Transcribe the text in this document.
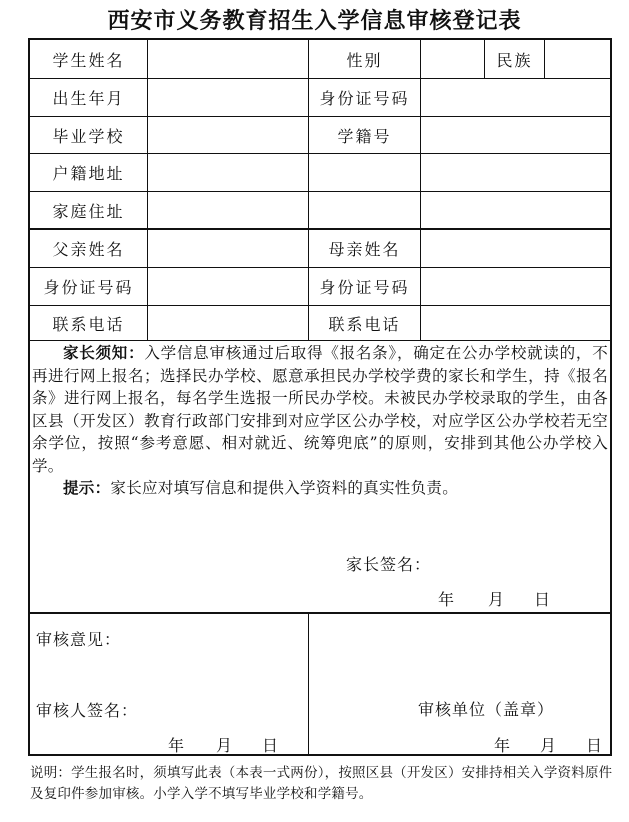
西安市义务教育招生入学信息审核登记表
学生姓名	性别	民族
出生年月	身份证号码
毕业学校	学籍号
户籍地址
家庭住址
父亲姓名	母亲姓名
身份证号码	身份证号码
联系电话	联系电话

家长须知：入学信息审核通过后取得《报名条》，确定在公办学校就读的，不再进行网上报名；选择民办学校、愿意承担民办学校学费的家长和学生，持《报名条》进行网上报名，每名学生选报一所民办学校。未被民办学校录取的学生，由各区县（开发区）教育行政部门安排到对应学区公办学校，对应学区公办学校若无空余学位，按照“参考意愿、相对就近、统筹兜底”的原则，安排到其他公办学校入学。

提示：家长应对填写信息和提供入学资料的真实性负责。

家长签名：
年 月 日
审核意见：
审核人签名：	审核单位（盖章）
年 月 日	年 月 日
说明：学生报名时，须填写此表（本表一式两份），按照区县（开发区）安排持相关入学资料原件及复印件参加审核。小学入学不填写毕业学校和学籍号。
